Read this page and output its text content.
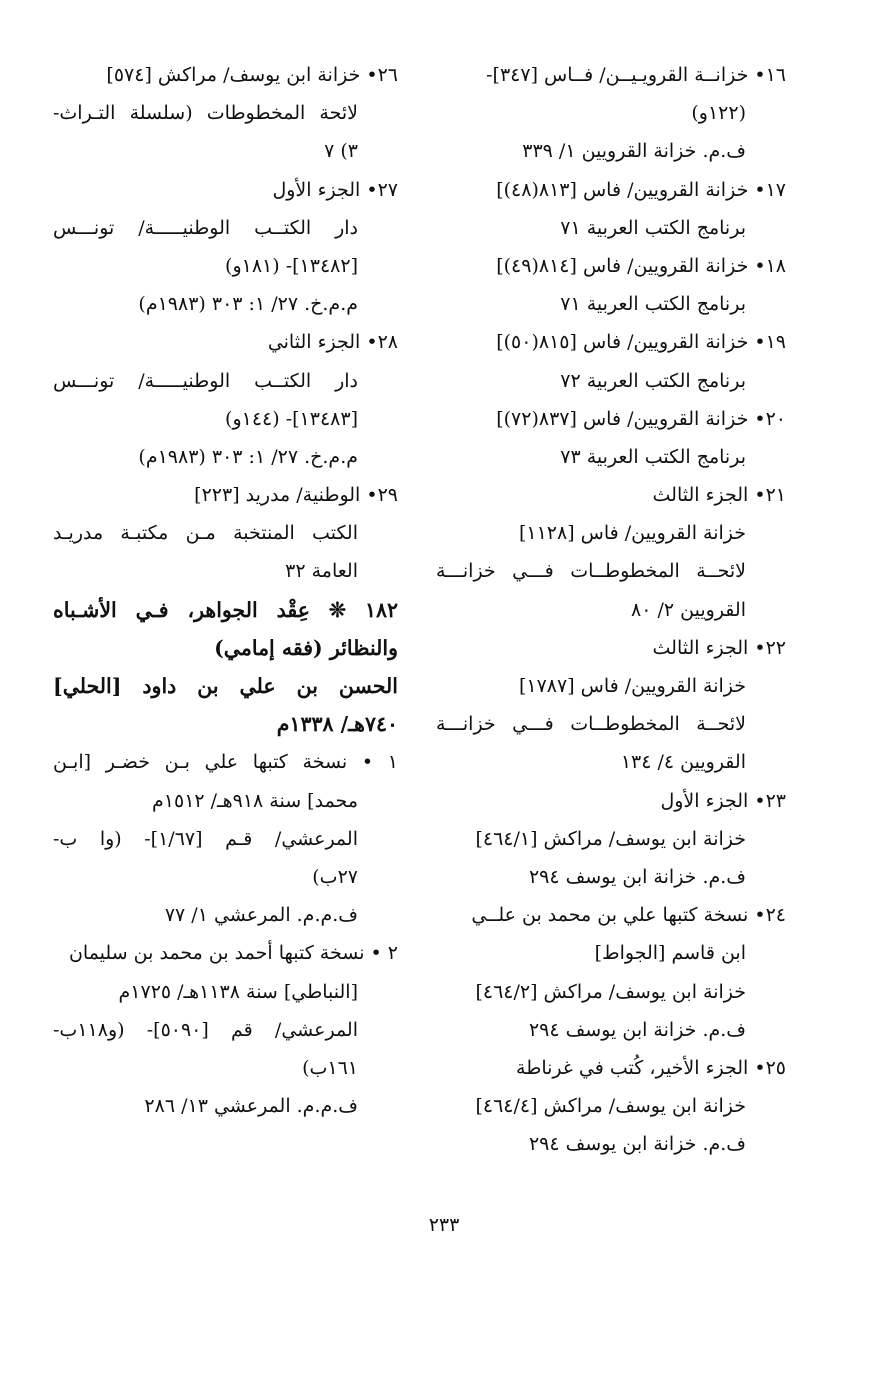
١٦• خزانــة القرويـيــن/ فــاس [٣٤٧]-
(١٢٢و)
ف.م. خزانة القرويين ١/ ٣٣٩
١٧• خزانة القرويين/ فاس [٨١٣(٤٨)]
برنامج الكتب العربية ٧١
١٨• خزانة القرويين/ فاس [٨١٤(٤٩)]
برنامج الكتب العربية ٧١
١٩• خزانة القرويين/ فاس [٨١٥(٥٠)]
برنامج الكتب العربية ٧٢
٢٠• خزانة القرويين/ فاس [٨٣٧(٧٢)]
برنامج الكتب العربية ٧٣
٢١• الجزء الثالث
خزانة القرويين/ فاس [١١٢٨]
لائحــة المخطوطــات فـــي خزانـــة
القرويين ٢/ ٨٠
٢٢• الجزء الثالث
خزانة القرويين/ فاس [١٧٨٧]
لائحــة المخطوطــات فـــي خزانـــة
القرويين ٤/ ١٣٤
٢٣• الجزء الأول
خزانة ابن يوسف/ مراكش [٤٦٤/١]
ف.م. خزانة ابن يوسف ٢٩٤
٢٤• نسخة كتبها علي بن محمد بن علــي
ابن قاسم [الجواط]
خزانة ابن يوسف/ مراكش [٤٦٤/٢]
ف.م. خزانة ابن يوسف ٢٩٤
٢٥• الجزء الأخير، كُتب في غرناطة
خزانة ابن يوسف/ مراكش [٤٦٤/٤]
ف.م. خزانة ابن يوسف ٢٩٤
٢٦• خزانة ابن يوسف/ مراكش [٥٧٤]
لائحة المخطوطات (سلسلة التـراث-
٣) ٧
٢٧• الجزء الأول
دار الكتــب الوطنيـــــة/ تونـــس
[١٣٤٨٢]- (١٨١و)
م.م.خ. ٢٧/ ١: ٣٠٣ (١٩٨٣م)
٢٨• الجزء الثاني
دار الكتــب الوطنيـــــة/ تونـــس
[١٣٤٨٣]- (١٤٤و)
م.م.خ. ٢٧/ ١: ٣٠٣ (١٩٨٣م)
٢٩• الوطنية/ مدريد [٢٢٣]
الكتب المنتخبة مـن مكتبـة مدريـد
العامة ٣٢
١٨٢ ❊ عِقْد الجواهر، فـي الأشـباه
والنظائر (فقه إمامي)
الحسن بن علي بن داود [الحلي]
٧٤٠هـ/ ١٣٣٨م
١ • نسخة كتبها علي بـن خضـر [ابـن
محمد] سنة ٩١٨هـ/ ١٥١٢م
المرعشي/ قـم [١/٦٧]- (وا ب-
٢٧ب)
ف.م.م. المرعشي ١/ ٧٧
٢ • نسخة كتبها أحمد بن محمد بن سليمان
[النباطي] سنة ١١٣٨هـ/ ١٧٢٥م
المرعشي/ قم [٥٠٩٠]- (و١١٨ب-
١٦١ب)
ف.م.م. المرعشي ١٣/ ٢٨٦
٢٣٣
